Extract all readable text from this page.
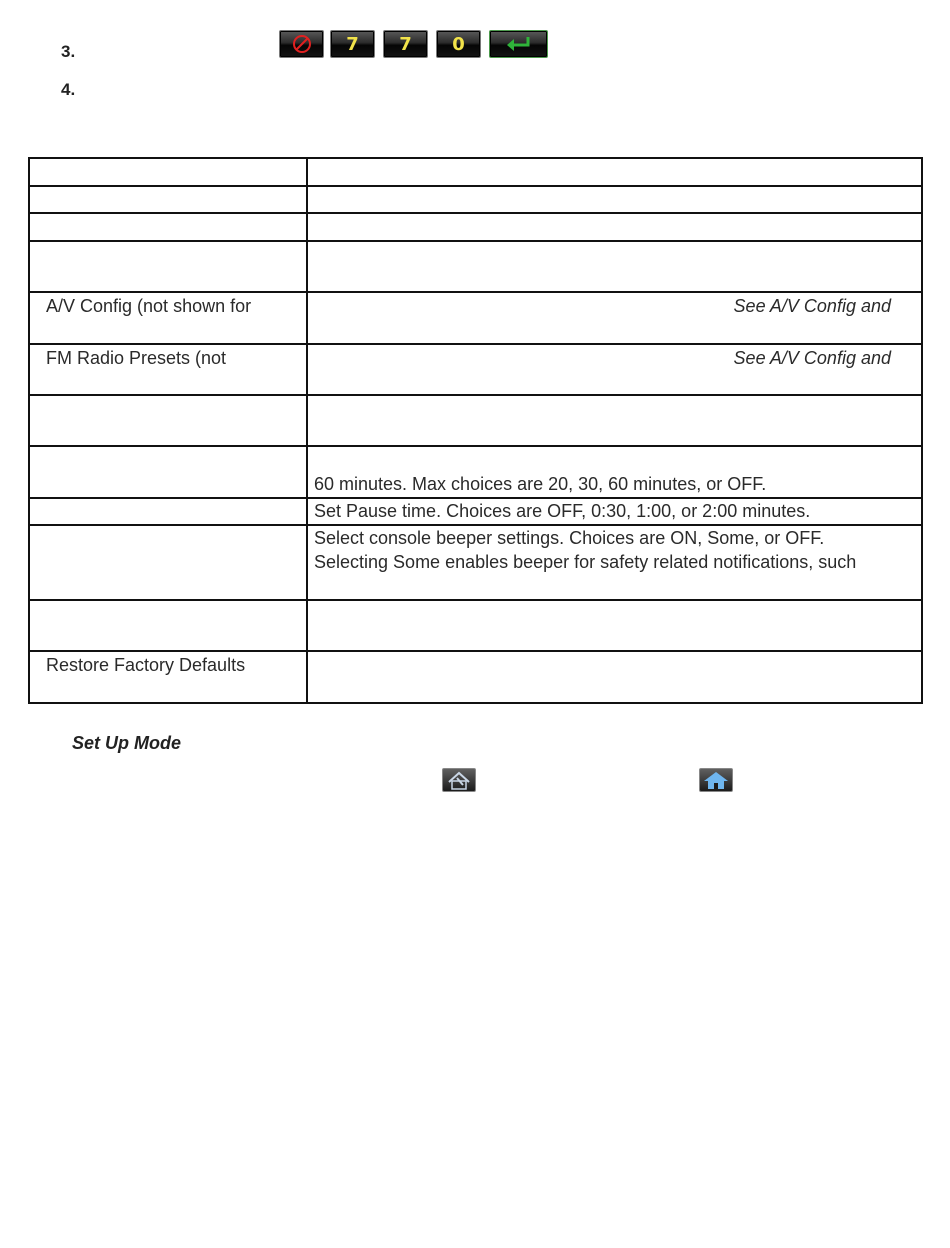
3.
4.
7	7	0

A/V Config (not shown for	See A/V Config and

FM Radio Presets (not	See A/V Config and

	60 minutes. Max choices are 20, 30, 60 minutes, or OFF.

	Set Pause time. Choices are OFF, 0:30, 1:00, or 2:00 minutes.

	Select console beeper settings. Choices are ON, Some, or OFF.
Selecting Some enables beeper for safety related notifications, such

Restore Factory Defaults	

Set Up Mode
